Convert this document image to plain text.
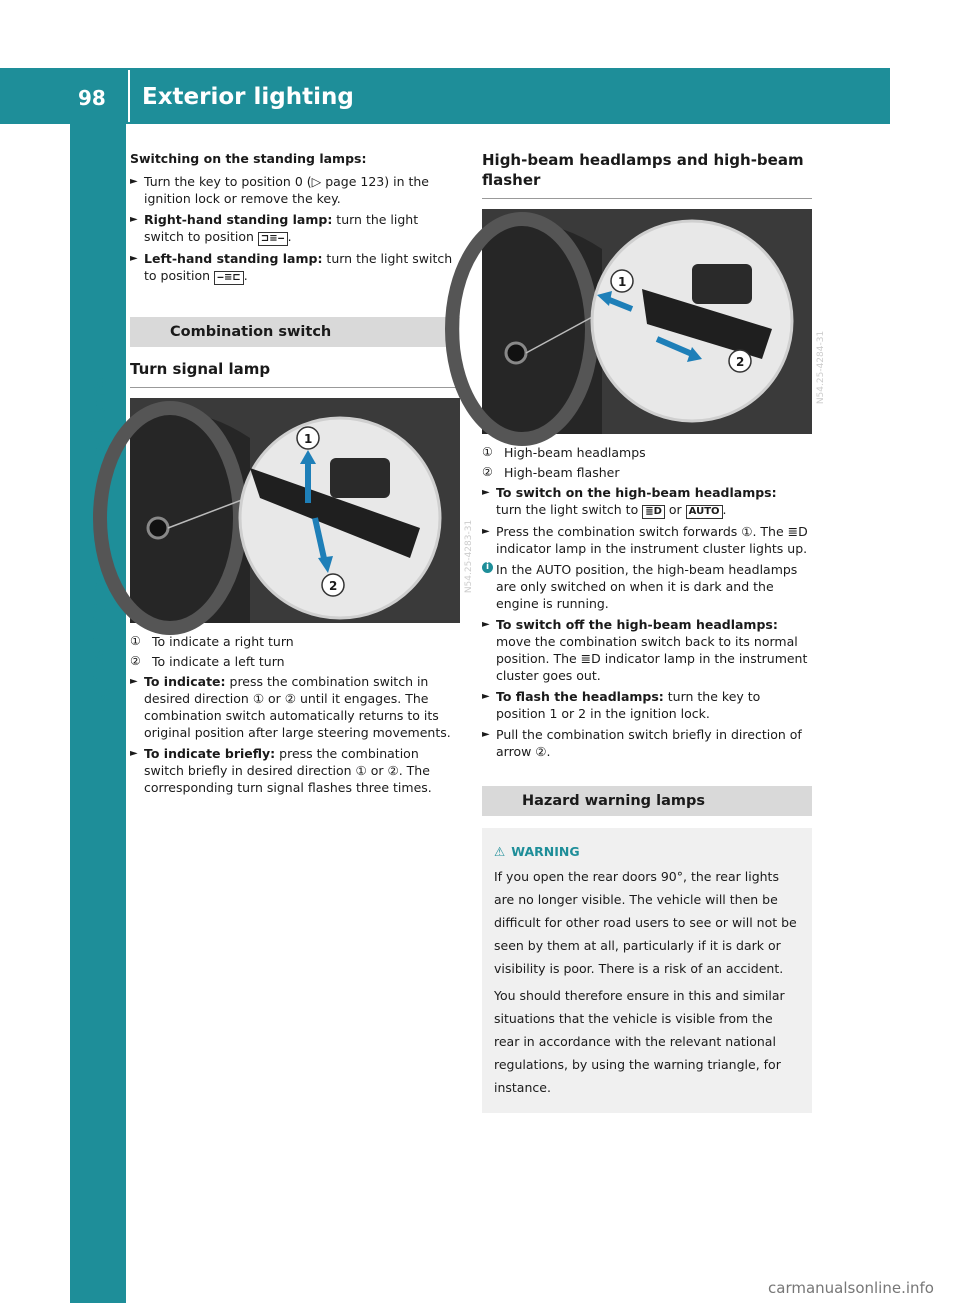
98 Exterior lighting
Lights and windshield wipers
Switching on the standing lamps:
► Turn the key to position 0 (▷ page 123) in the ignition lock or remove the key.
► Right-hand standing lamp: turn the light switch to position ⊐≡‒ .
► Left-hand standing lamp: turn the light switch to position ‒≡⊏ .
Combination switch
Turn signal lamp
1
2	N54.25-4283-31
① To indicate a right turn
② To indicate a left turn
► To indicate: press the combination switch in desired direction ① or ② until it engages. The combination switch automatically returns to its original position after large steering movements.
► To indicate briefly: press the combination switch briefly in desired direction ① or ②. The corresponding turn signal flashes three times.
High-beam headlamps and high-beam flasher
1
2	N54.25-4284-31
① High-beam headlamps
② High-beam flasher
► To switch on the high-beam headlamps:
turn the light switch to ≣D or AUTO .
► Press the combination switch forwards ①. The ≣D indicator lamp in the instrument cluster lights up.
i In the AUTO position, the high-beam headlamps are only switched on when it is dark and the engine is running.
► To switch off the high-beam headlamps:
move the combination switch back to its normal position. The ≣D indicator lamp in the instrument cluster goes out.
► To flash the headlamps: turn the key to position 1 or 2 in the ignition lock.
► Pull the combination switch briefly in direction of arrow ②.
Hazard warning lamps
⚠ WARNING
If you open the rear doors 90°, the rear lights are no longer visible. The vehicle will then be difficult for other road users to see or will not be seen by them at all, particularly if it is dark or visibility is poor. There is a risk of an accident.
You should therefore ensure in this and similar situations that the vehicle is visible from the rear in accordance with the relevant national regulations, by using the warning triangle, for instance.
carmanualsonline.info
